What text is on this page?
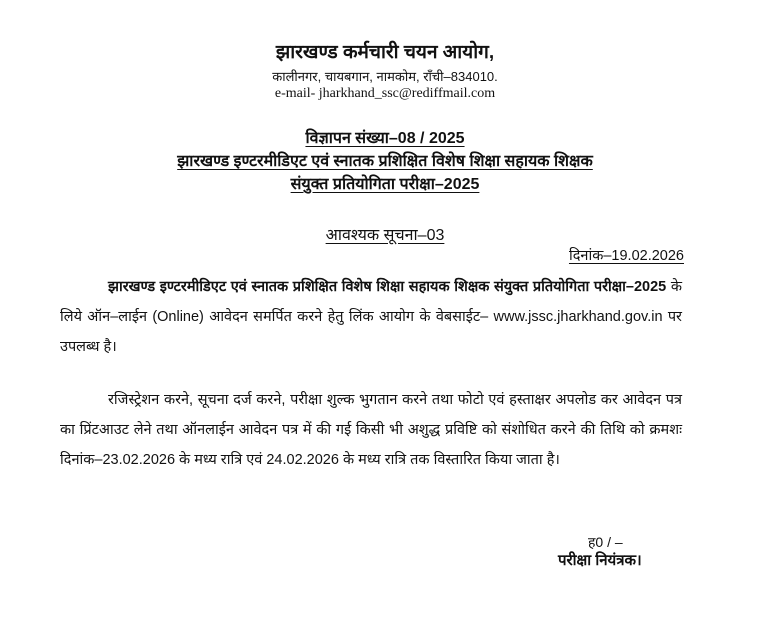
झारखण्ड कर्मचारी चयन आयोग,
कालीनगर, चायबगान, नामकोम, राँची–834010.
e-mail- jharkhand_ssc@rediffmail.com
विज्ञापन संख्या–08 / 2025
झारखण्ड इण्टरमीडिएट एवं स्नातक प्रशिक्षित विशेष शिक्षा सहायक शिक्षक
संयुक्त प्रतियोगिता परीक्षा–2025
आवश्यक सूचना–03
दिनांक–19.02.2026
झारखण्ड इण्टरमीडिएट एवं स्नातक प्रशिक्षित विशेष शिक्षा सहायक शिक्षक संयुक्त प्रतियोगिता परीक्षा–2025 के लिये ऑन–लाईन (Online) आवेदन समर्पित करने हेतु लिंक आयोग के वेबसाईट– www.jssc.jharkhand.gov.in पर उपलब्ध है।
रजिस्ट्रेशन करने, सूचना दर्ज करने, परीक्षा शुल्क भुगतान करने तथा फोटो एवं हस्ताक्षर अपलोड कर आवेदन पत्र का प्रिंटआउट लेने तथा ऑनलाईन आवेदन पत्र में की गई किसी भी अशुद्ध प्रविष्टि को संशोधित करने की तिथि को क्रमशः दिनांक–23.02.2026 के मध्य रात्रि एवं 24.02.2026 के मध्य रात्रि तक विस्तारित किया जाता है।
ह0 / –
परीक्षा नियंत्रक।
